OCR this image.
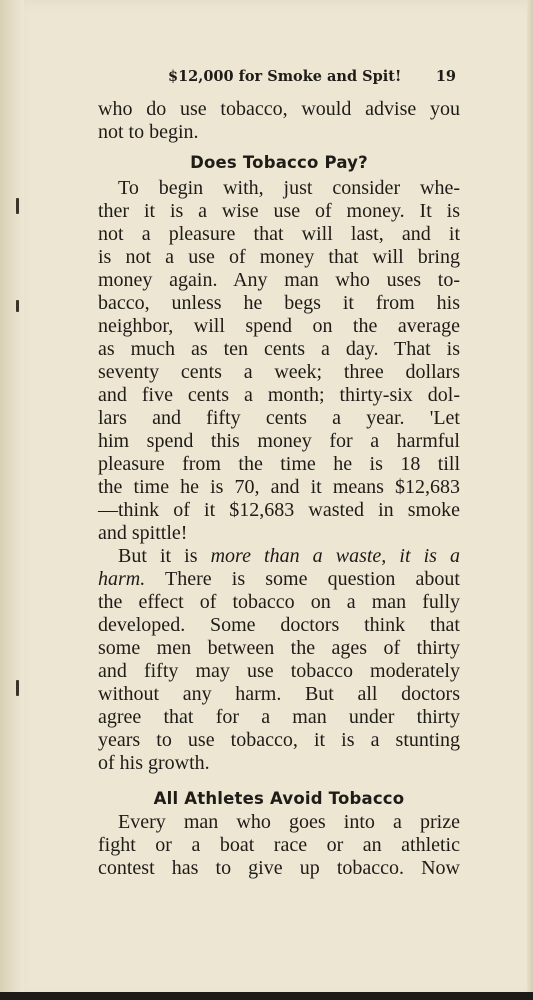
$12,000 for Smoke and Spit! 19
who do use tobacco, would advise you
not to begin.
Does Tobacco Pay?
To begin with, just consider whe-
ther it is a wise use of money. It is
not a pleasure that will last, and it
is not a use of money that will bring
money again. Any man who uses to-
bacco, unless he begs it from his
neighbor, will spend on the average
as much as ten cents a day. That is
seventy cents a week; three dollars
and five cents a month; thirty-six dol-
lars and fifty cents a year. 'Let
him spend this money for a harmful
pleasure from the time he is 18 till
the time he is 70, and it means $12,683
—think of it $12,683 wasted in smoke
and spittle!
But it is more than a waste, it is a
harm. There is some question about
the effect of tobacco on a man fully
developed. Some doctors think that
some men between the ages of thirty
and fifty may use tobacco moderately
without any harm. But all doctors
agree that for a man under thirty
years to use tobacco, it is a stunting
of his growth.
All Athletes Avoid Tobacco
Every man who goes into a prize
fight or a boat race or an athletic
contest has to give up tobacco. Now
